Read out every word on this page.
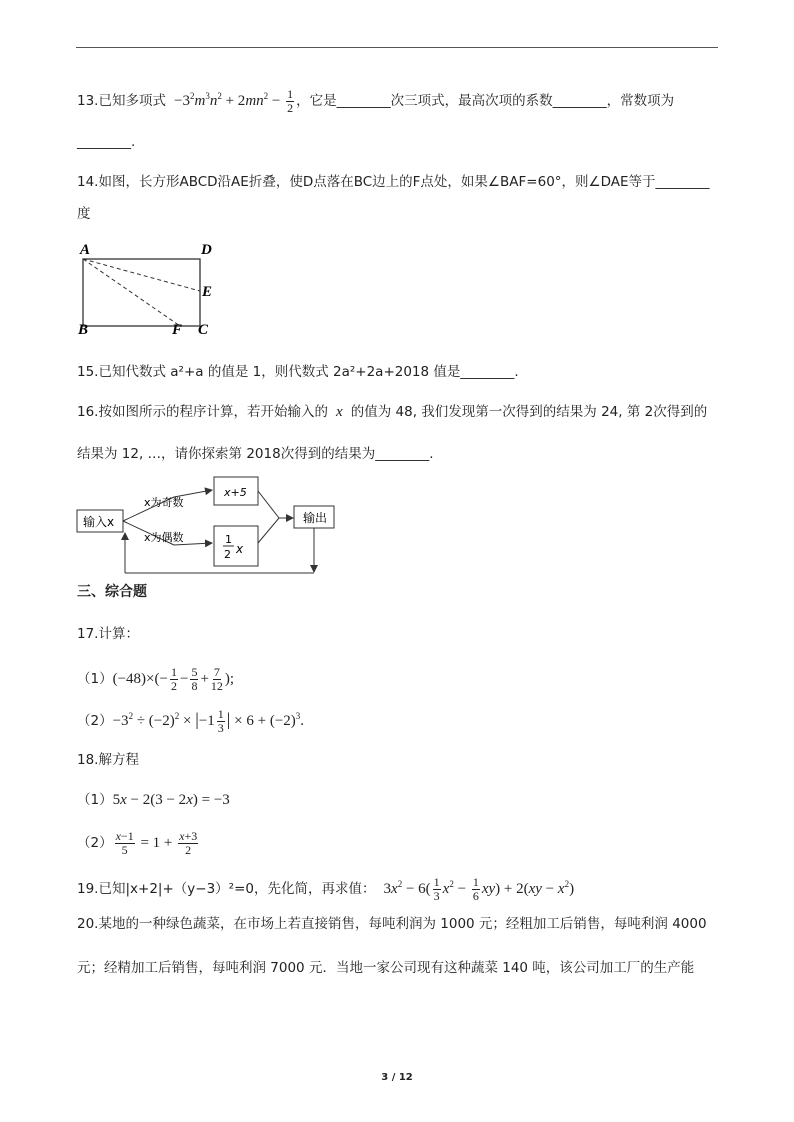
13.已知多项式  $-3^2m^3n^2 + 2mn^2 - \frac{1}{2}$ ，它是________次三项式，最高次项的系数________，常数项为
________.
14.如图，长方形ABCD沿AE折叠，使D点落在BC边上的F点处，如果∠BAF=60°，则∠DAE等于________
度
A	D
E
B	F C
15.已知代数式 a²+a 的值是 1，则代数式 2a²+2a+2018 值是________.
16.按如图所示的程序计算，若开始输入的  x  的值为 48, 我们发现第一次得到的结果为 24, 第 2次得到的
结果为 12, …，请你探索第 2018次得到的结果为________.
输入x
x为奇数
x为偶数
x+5
1
2 x
输出
三、综合题
17.计算：
$(1)(-48)\times(- \frac{1}{2} - \frac{5}{8} + \frac{7}{12}$ );
$(2)-3^2 \div (-2)^2 \times |-1 \frac{1}{3}$ | × $6 + (-2)^3$.
18.解方程
（1）5x − 2(3 − 2x) = −3
$(2) \frac{x-1}{5} = 1 + \frac{x+3}{2}$
19.已知|x+2|+（y−3）²=0，先化简，再求值：  $3x^2 - 6( \frac{1}{3} x^2 - \frac{1}{6} xy) + 2(xy - x^2)$
20.某地的一种绿色蔬菜，在市场上若直接销售，每吨利润为 1000 元；经粗加工后销售，每吨利润 4000
元；经精加工后销售，每吨利润 7000 元．当地一家公司现有这种蔬菜 140 吨，该公司加工厂的生产能
3 / 12
